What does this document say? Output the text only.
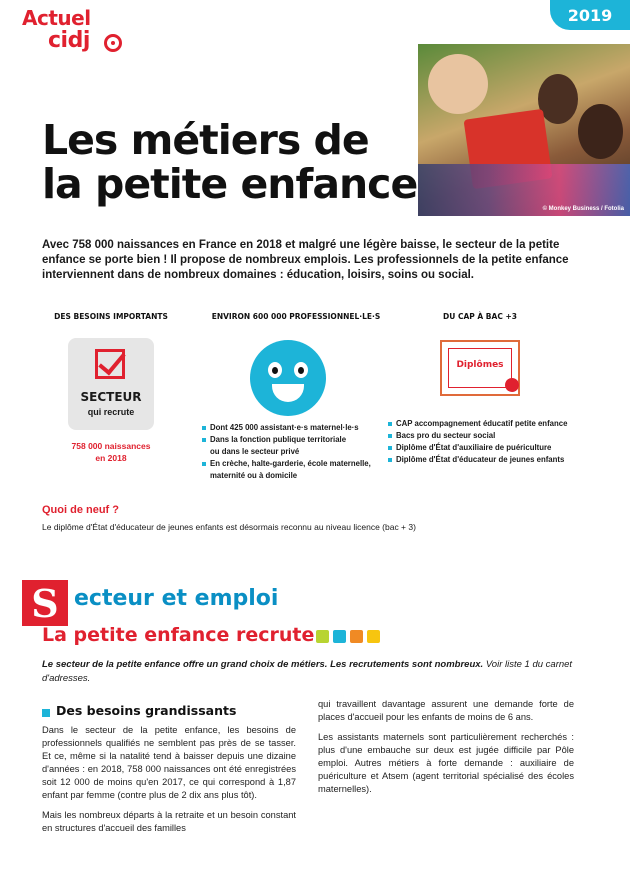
Actuel
cidj
2019
© Monkey Business / Fotolia
Les métiers de
la petite enfance

Avec 758 000 naissances en France en 2018 et malgré une légère baisse, le secteur de la petite enfance se porte bien ! Il propose de nombreux emplois. Les professionnels de la petite enfance interviennent dans de nombreux domaines : éducation, loisirs, soins ou social.

DES BESOINS IMPORTANTS
SECTEUR
qui recrute
758 000 naissances
en 2018
ENVIRON 600 000 PROFESSIONNEL·LE·S
Dont 425 000 assistant·e·s maternel·le·s
Dans la fonction publique territoriale
ou dans le secteur privé
En crèche, halte-garderie, école maternelle,
maternité ou à domicile
DU CAP À BAC +3
Diplômes
CAP accompagnement éducatif petite enfance
Bacs pro du secteur social
Diplôme d'État d'auxiliaire de puériculture
Diplôme d'État d'éducateur de jeunes enfants
Quoi de neuf ?
Le diplôme d'État d'éducateur de jeunes enfants est désormais reconnu au niveau licence (bac + 3)
S ecteur et emploi
La petite enfance recrute

Le secteur de la petite enfance offre un grand choix de métiers. Les recrutements sont nombreux. Voir liste 1 du carnet d'adresses.

Des besoins grandissants

Dans le secteur de la petite enfance, les besoins de professionnels qualifiés ne semblent pas près de se tasser. Et ce, même si la natalité tend à baisser depuis une dizaine d'années : en 2018, 758 000 naissances ont été enregistrées soit 12 000 de moins qu'en 2017, ce qui correspond à 1,87 enfant par femme (contre plus de 2 dix ans plus tôt).

Mais les nombreux départs à la retraite et un besoin constant en structures d'accueil des familles

qui travaillent davantage assurent une demande forte de places d'accueil pour les enfants de moins de 6 ans.

Les assistants maternels sont particulièrement recherchés : plus d'une embauche sur deux est jugée difficile par Pôle emploi. Autres métiers à forte demande : auxiliaire de puériculture et Atsem (agent territorial spécialisé des écoles maternelles).
